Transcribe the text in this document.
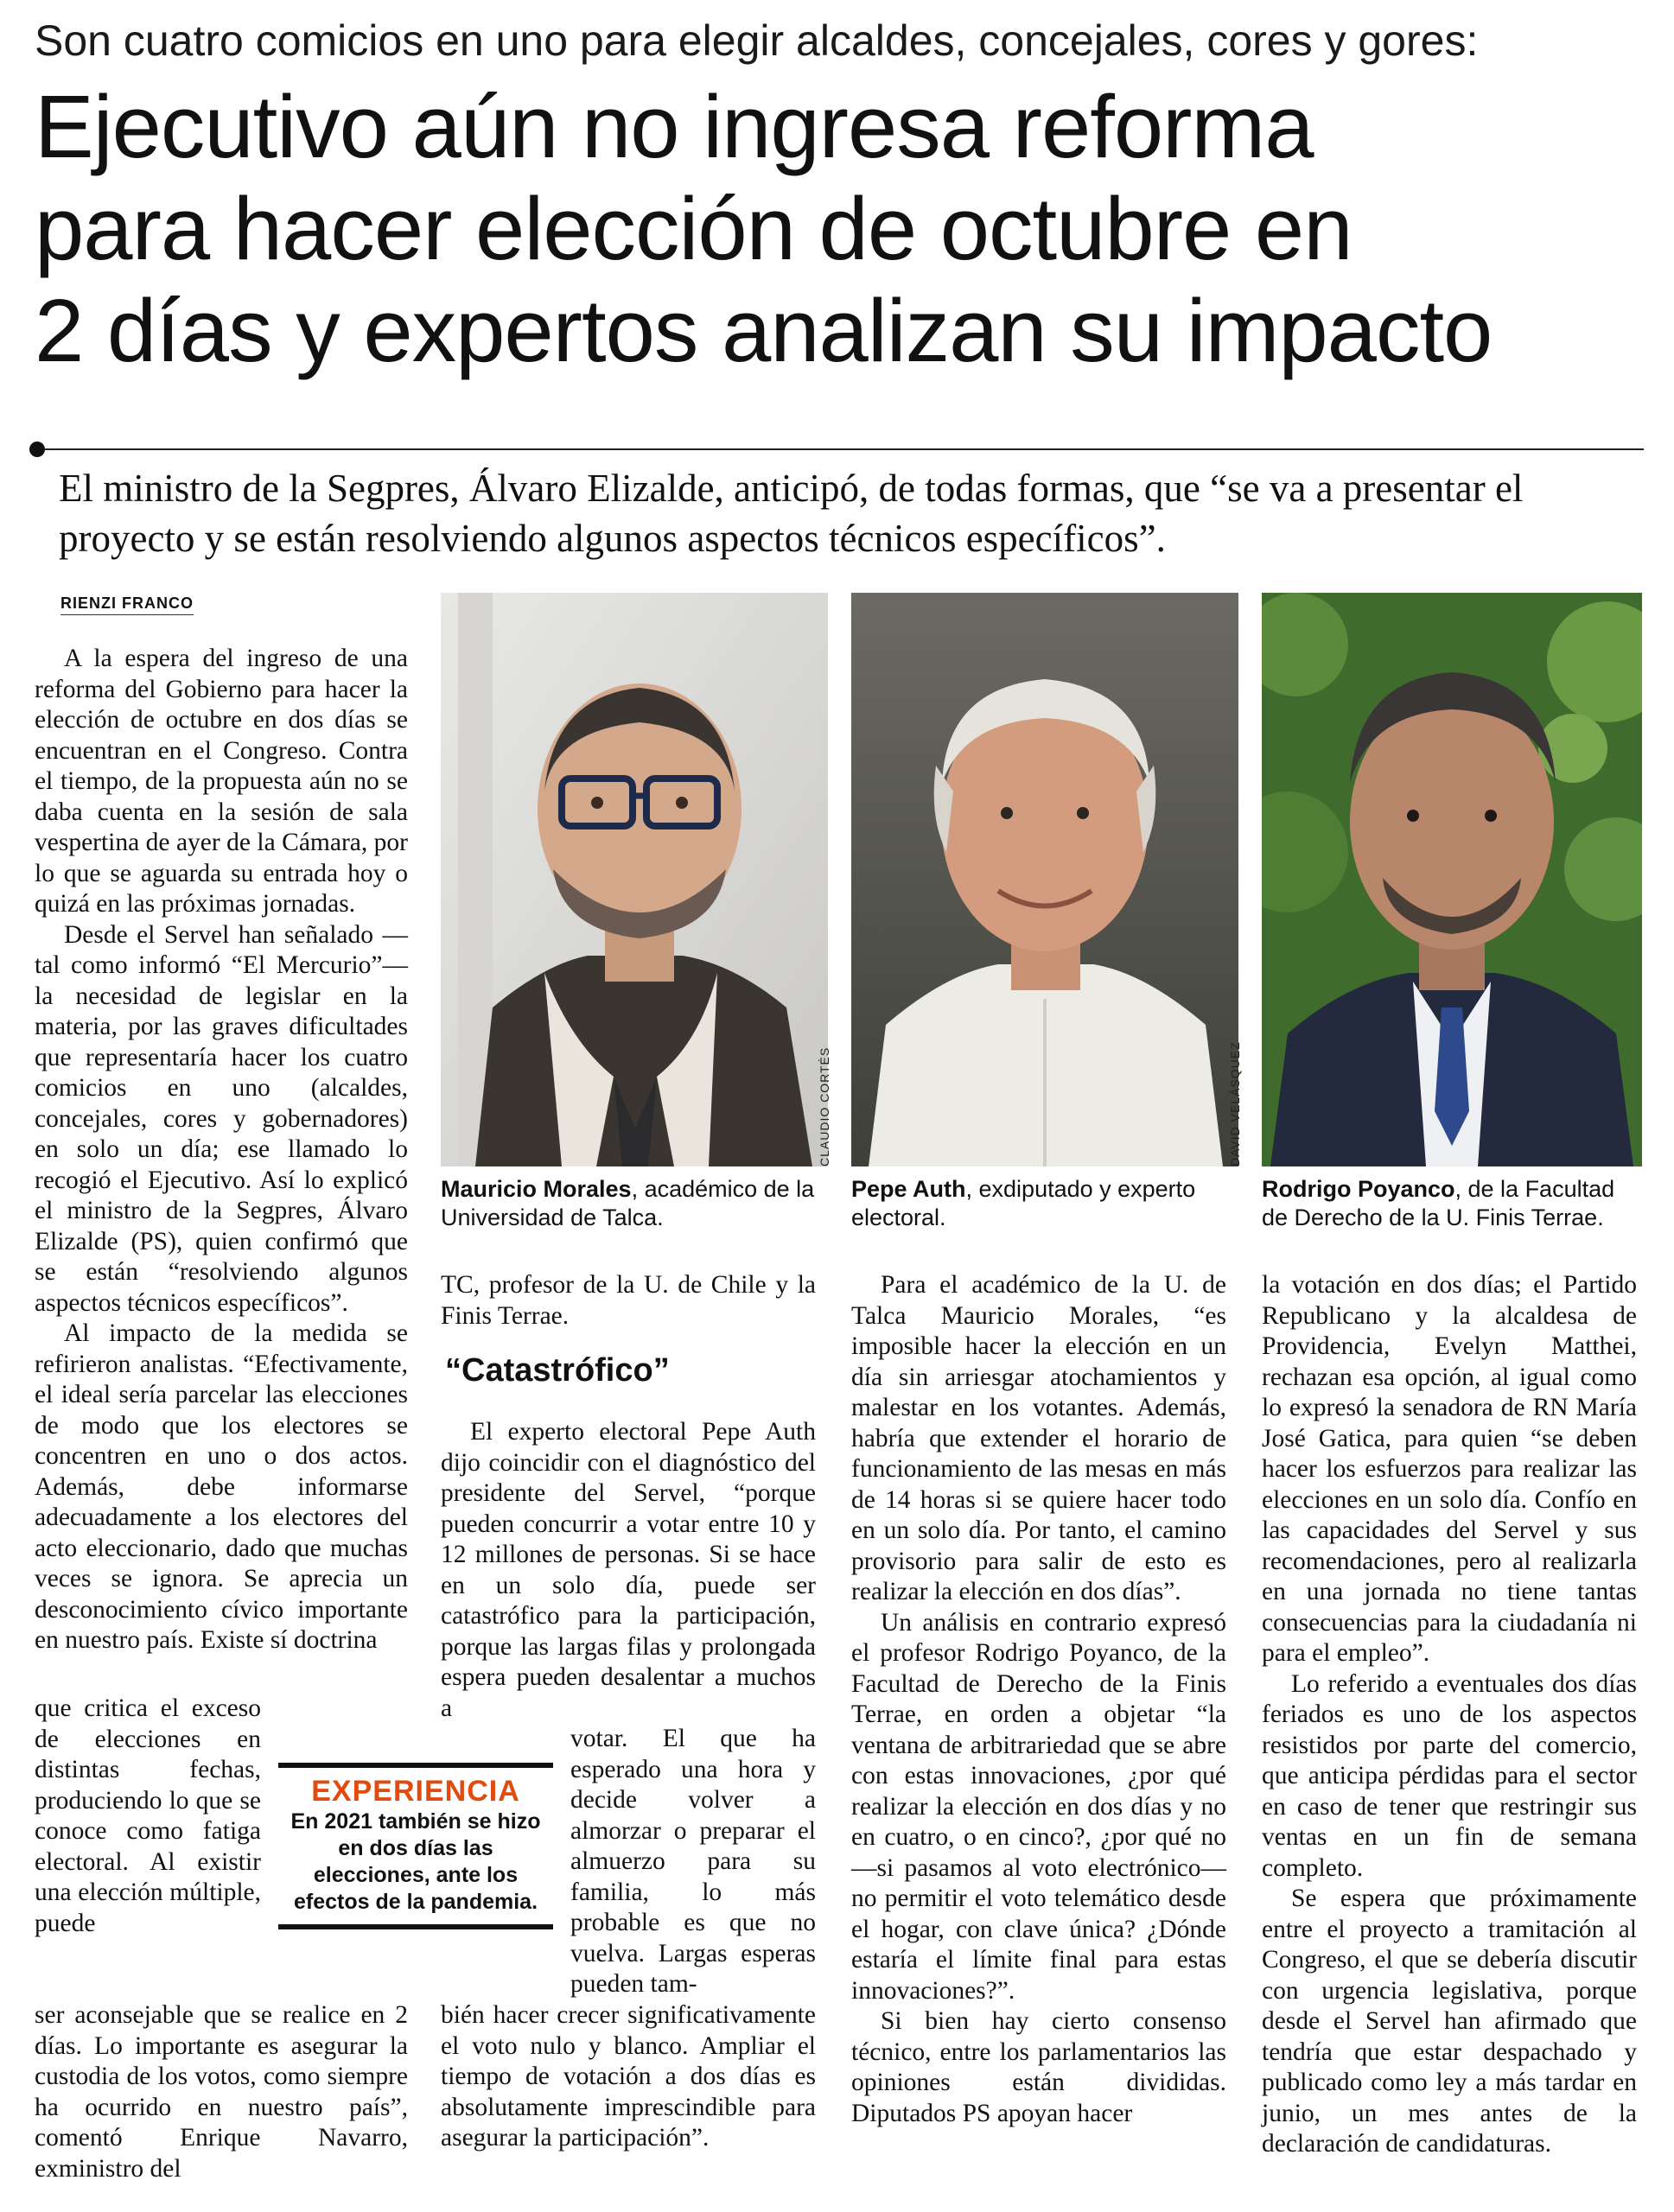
Son cuatro comicios en uno para elegir alcaldes, concejales, cores y gores:
Ejecutivo aún no ingresa reforma
para hacer elección de octubre en
2 días y expertos analizan su impacto
El ministro de la Segpres, Álvaro Elizalde, anticipó, de todas formas, que “se va a presentar el proyecto y se están resolviendo algunos aspectos técnicos específicos”.
RIENZI FRANCO

A la espera del ingreso de una reforma del Gobierno para hacer la elección de octubre en dos días se encuentran en el Congreso. Contra el tiempo, de la propuesta aún no se daba cuenta en la sesión de sala vespertina de ayer de la Cámara, por lo que se aguarda su entrada hoy o quizá en las próximas jornadas.

Desde el Servel han señalado —tal como informó “El Mercurio”— la necesidad de legislar en la materia, por las graves dificultades que representaría hacer los cuatro comicios en uno (alcaldes, concejales, cores y gobernadores) en solo un día; ese llamado lo recogió el Ejecutivo. Así lo explicó el ministro de la Segpres, Álvaro Elizalde (PS), quien confirmó que se están “resolviendo algunos aspectos técnicos específicos”.

Al impacto de la medida se refirieron analistas. “Efectivamente, el ideal sería parcelar las elecciones de modo que los electores se concentren en uno o dos actos. Además, debe informarse adecuadamente a los electores del acto eleccionario, dado que muchas veces se ignora. Se aprecia un desconocimiento cívico importante en nuestro país. Existe sí doctrina

que critica el exceso de elecciones en distintas fechas, produciendo lo que se conoce como fatiga electoral. Al existir una elección múltiple, puede

ser aconsejable que se realice en 2 días. Lo importante es asegurar la custodia de los votos, como siempre ha ocurrido en nuestro país”, comentó Enrique Navarro, exministro del

CLAUDIO CORTÉS
Mauricio Morales, académico de la Universidad de Talca.
DAVID VELÁSQUEZ
Pepe Auth, exdiputado y experto electoral.
Rodrigo Poyanco, de la Facultad de Derecho de la U. Finis Terrae.

TC, profesor de la U. de Chile y la Finis Terrae.

“Catastrófico”

El experto electoral Pepe Auth dijo coincidir con el diagnóstico del presidente del Servel, “porque pueden concurrir a votar entre 10 y 12 millones de personas. Si se hace en un solo día, puede ser catastrófico para la participación, porque las largas filas y prolongada espera pueden desalentar a muchos a

votar. El que ha esperado una hora y decide volver a almorzar o preparar el almuerzo para su familia, lo más probable es que no vuelva. Largas esperas pueden tam-

bién hacer crecer significativamente el voto nulo y blanco. Ampliar el tiempo de votación a dos días es absolutamente imprescindible para asegurar la participación”.

EXPERIENCIA
En 2021 también se hizo en dos días las elecciones, ante los efectos de la pandemia.

Para el académico de la U. de Talca Mauricio Morales, “es imposible hacer la elección en un día sin arriesgar atochamientos y malestar en los votantes. Además, habría que extender el horario de funcionamiento de las mesas en más de 14 horas si se quiere hacer todo en un solo día. Por tanto, el camino provisorio para salir de esto es realizar la elección en dos días”.

Un análisis en contrario expresó el profesor Rodrigo Poyanco, de la Facultad de Derecho de la Finis Terrae, en orden a objetar “la ventana de arbitrariedad que se abre con estas innovaciones, ¿por qué realizar la elección en dos días y no en cuatro, o en cinco?, ¿por qué no —si pasamos al voto electrónico— no permitir el voto telemático desde el hogar, con clave única? ¿Dónde estaría el límite final para estas innovaciones?”.

Si bien hay cierto consenso técnico, entre los parlamentarios las opiniones están divididas. Diputados PS apoyan hacer

la votación en dos días; el Partido Republicano y la alcaldesa de Providencia, Evelyn Matthei, rechazan esa opción, al igual como lo expresó la senadora de RN María José Gatica, para quien “se deben hacer los esfuerzos para realizar las elecciones en un solo día. Confío en las capacidades del Servel y sus recomendaciones, pero al realizarla en una jornada no tiene tantas consecuencias para la ciudadanía ni para el empleo”.

Lo referido a eventuales dos días feriados es uno de los aspectos resistidos por parte del comercio, que anticipa pérdidas para el sector en caso de tener que restringir sus ventas en un fin de semana completo.

Se espera que próximamente entre el proyecto a tramitación al Congreso, el que se debería discutir con urgencia legislativa, porque desde el Servel han afirmado que tendría que estar despachado y publicado como ley a más tardar en junio, un mes antes de la declaración de candidaturas.
